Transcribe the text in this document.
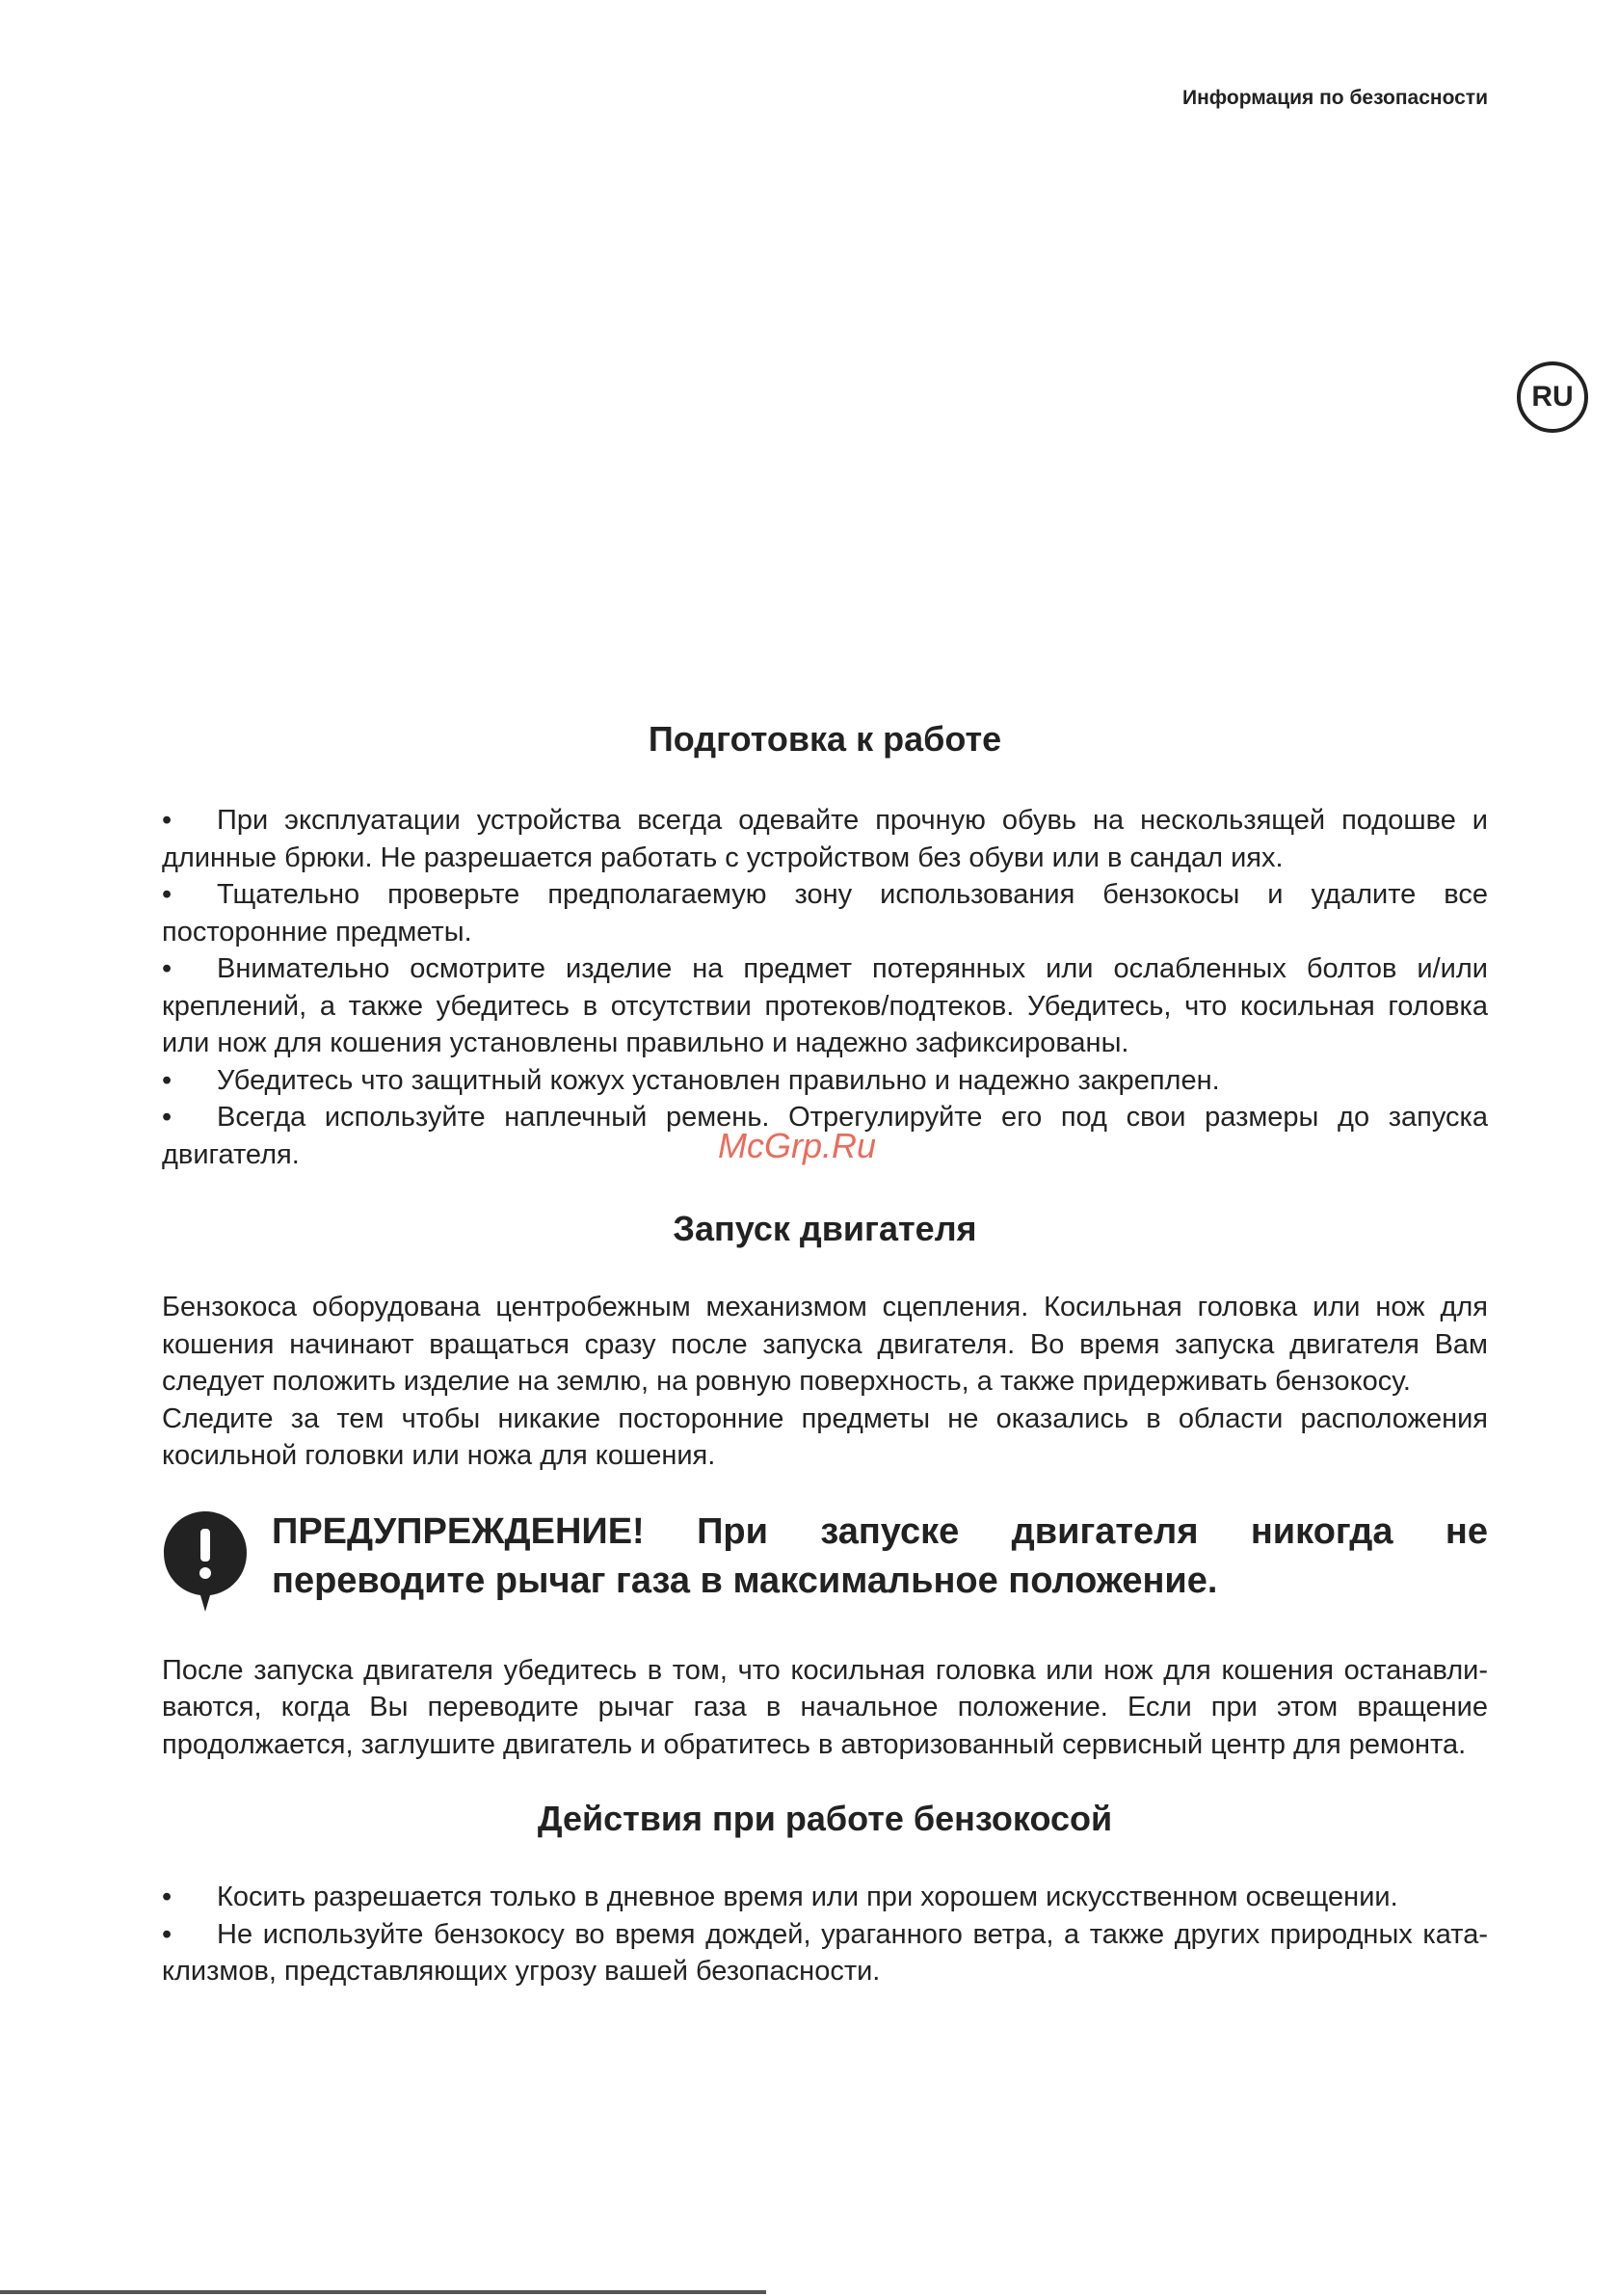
Информация по безопасности
RU
Подготовка к работе
• При эксплуатации устройства всегда одевайте прочную обувь на нескользящей подошве и длинные брюки. Не разрешается работать с устройством без обуви или в сандал иях.
• Тщательно проверьте предполагаемую зону использования бензокосы и удалите все посторонние предметы.
• Внимательно осмотрите изделие на предмет потерянных или ослабленных болтов и/или креплений, а также убедитесь в отсутствии протеков/подтеков. Убедитесь, что косильная головка или нож для кошения установлены правильно и надежно зафиксированы.
• Убедитесь что защитный кожух установлен правильно и надежно закреплен.
• Всегда используйте наплечный ремень. Отрегулируйте его под свои размеры до запуска двигателя.
Запуск двигателя

Бензокоса оборудована центробежным механизмом сцепления. Косильная головка или нож для кошения начинают вращаться сразу после запуска двигателя. Во время запуска двигателя Вам следует положить изделие на землю, на ровную поверхность, а также придерживать бензокосу.

Следите за тем чтобы никакие посторонние предметы не оказались в области расположения косильной головки или ножа для кошения.

ПРЕДУПРЕЖДЕНИЕ! При запуске двигателя никогда не переводите рычаг газа в максимальное положение.

После запуска двигателя убедитесь в том, что косильная головка или нож для кошения останавли-ваются, когда Вы переводите рычаг газа в начальное положение. Если при этом вращение продолжается, заглушите двигатель и обратитесь в авторизованный сервисный центр для ремонта.

Действия при работе бензокосой
• Косить разрешается только в дневное время или при хорошем искусственном освещении.
• Не используйте бензокосу во время дождей, ураганного ветра, а также других природных ката-клизмов, представляющих угрозу вашей безопасности.
McGrp.Ru
